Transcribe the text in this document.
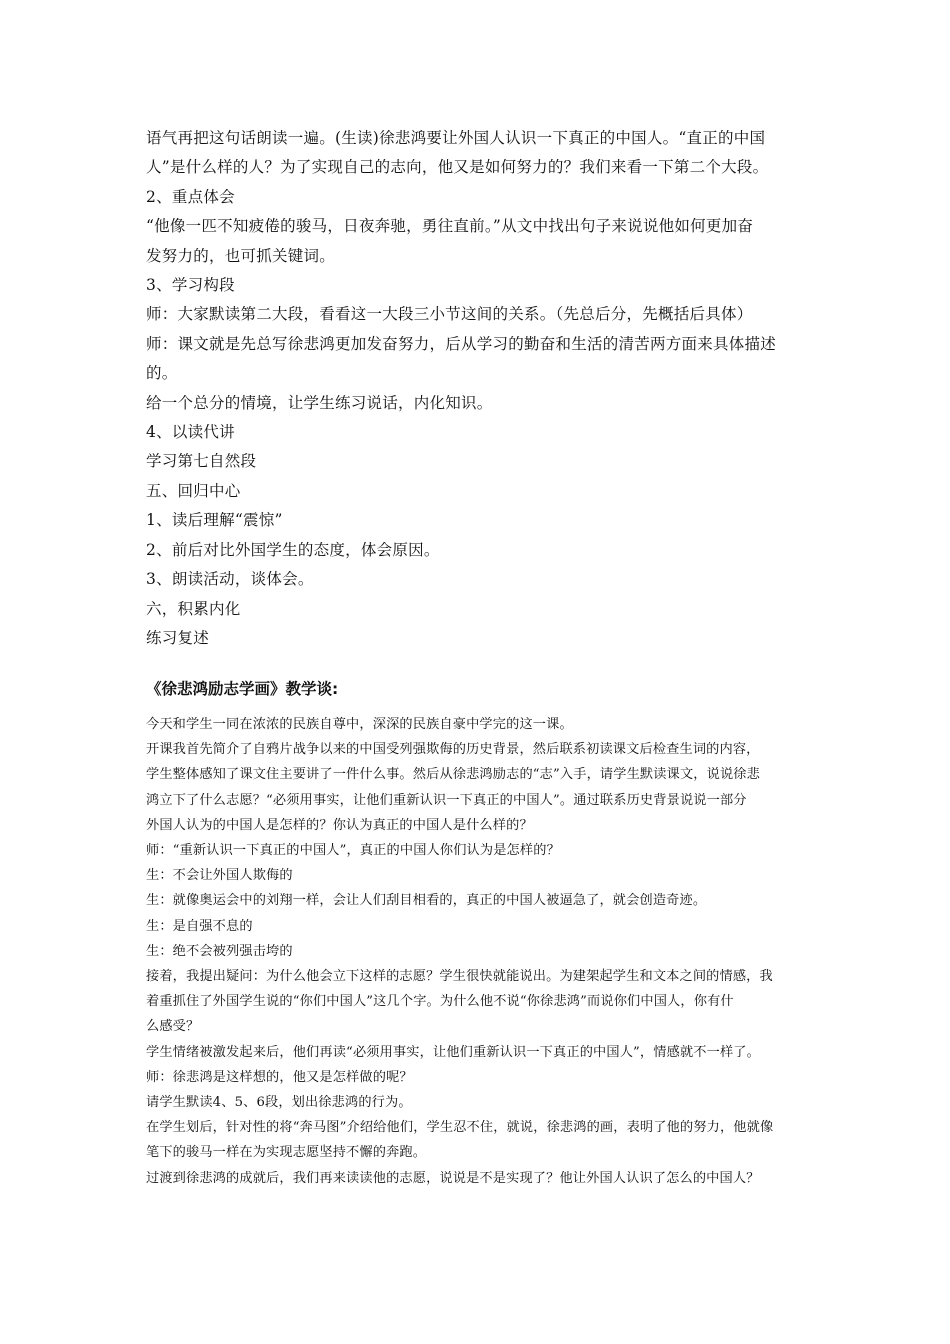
语气再把这句话朗读一遍。(生读)徐悲鸿要让外国人认识一下真正的中国人。“直正的中国

人”是什么样的人？为了实现自己的志向，他又是如何努力的？我们来看一下第二个大段。

2、重点体会

“他像一匹不知疲倦的骏马，日夜奔驰，勇往直前。”从文中找出句子来说说他如何更加奋

发努力的，也可抓关键词。

3、学习构段

师：大家默读第二大段，看看这一大段三小节这间的关系。（先总后分，先概括后具体）

师：课文就是先总写徐悲鸿更加发奋努力，后从学习的勤奋和生活的清苦两方面来具体描述

的。

给一个总分的情境，让学生练习说话，内化知识。

4、以读代讲

学习第七自然段

五、回归中心

1、读后理解“震惊”

2、前后对比外国学生的态度，体会原因。

3、朗读活动，谈体会。

六，积累内化

练习复述

《徐悲鸿励志学画》教学谈:

今天和学生一同在浓浓的民族自尊中，深深的民族自豪中学完的这一课。

开课我首先简介了自鸦片战争以来的中国受列强欺侮的历史背景，然后联系初读课文后检查生词的内容，

学生整体感知了课文住主要讲了一件什么事。然后从徐悲鸿励志的“志”入手，请学生默读课文，说说徐悲

鸿立下了什么志愿？“必须用事实，让他们重新认识一下真正的中国人”。通过联系历史背景说说一部分

外国人认为的中国人是怎样的？你认为真正的中国人是什么样的？

师：“重新认识一下真正的中国人”，真正的中国人你们认为是怎样的？

生：不会让外国人欺侮的

生：就像奥运会中的刘翔一样，会让人们刮目相看的，真正的中国人被逼急了，就会创造奇迹。

生：是自强不息的

生：绝不会被列强击垮的

接着，我提出疑问：为什么他会立下这样的志愿？学生很快就能说出。为建架起学生和文本之间的情感，我

着重抓住了外国学生说的“你们中国人”这几个字。为什么他不说“你徐悲鸿”而说你们中国人，你有什

么感受？

学生情绪被激发起来后，他们再读“必须用事实，让他们重新认识一下真正的中国人”，情感就不一样了。

师：徐悲鸿是这样想的，他又是怎样做的呢？

请学生默读4、5、6段，划出徐悲鸿的行为。

在学生划后，针对性的将“奔马图”介绍给他们，学生忍不住，就说，徐悲鸿的画，表明了他的努力，他就像

笔下的骏马一样在为实现志愿坚持不懈的奔跑。

过渡到徐悲鸿的成就后，我们再来读读他的志愿，说说是不是实现了？他让外国人认识了怎么的中国人？
